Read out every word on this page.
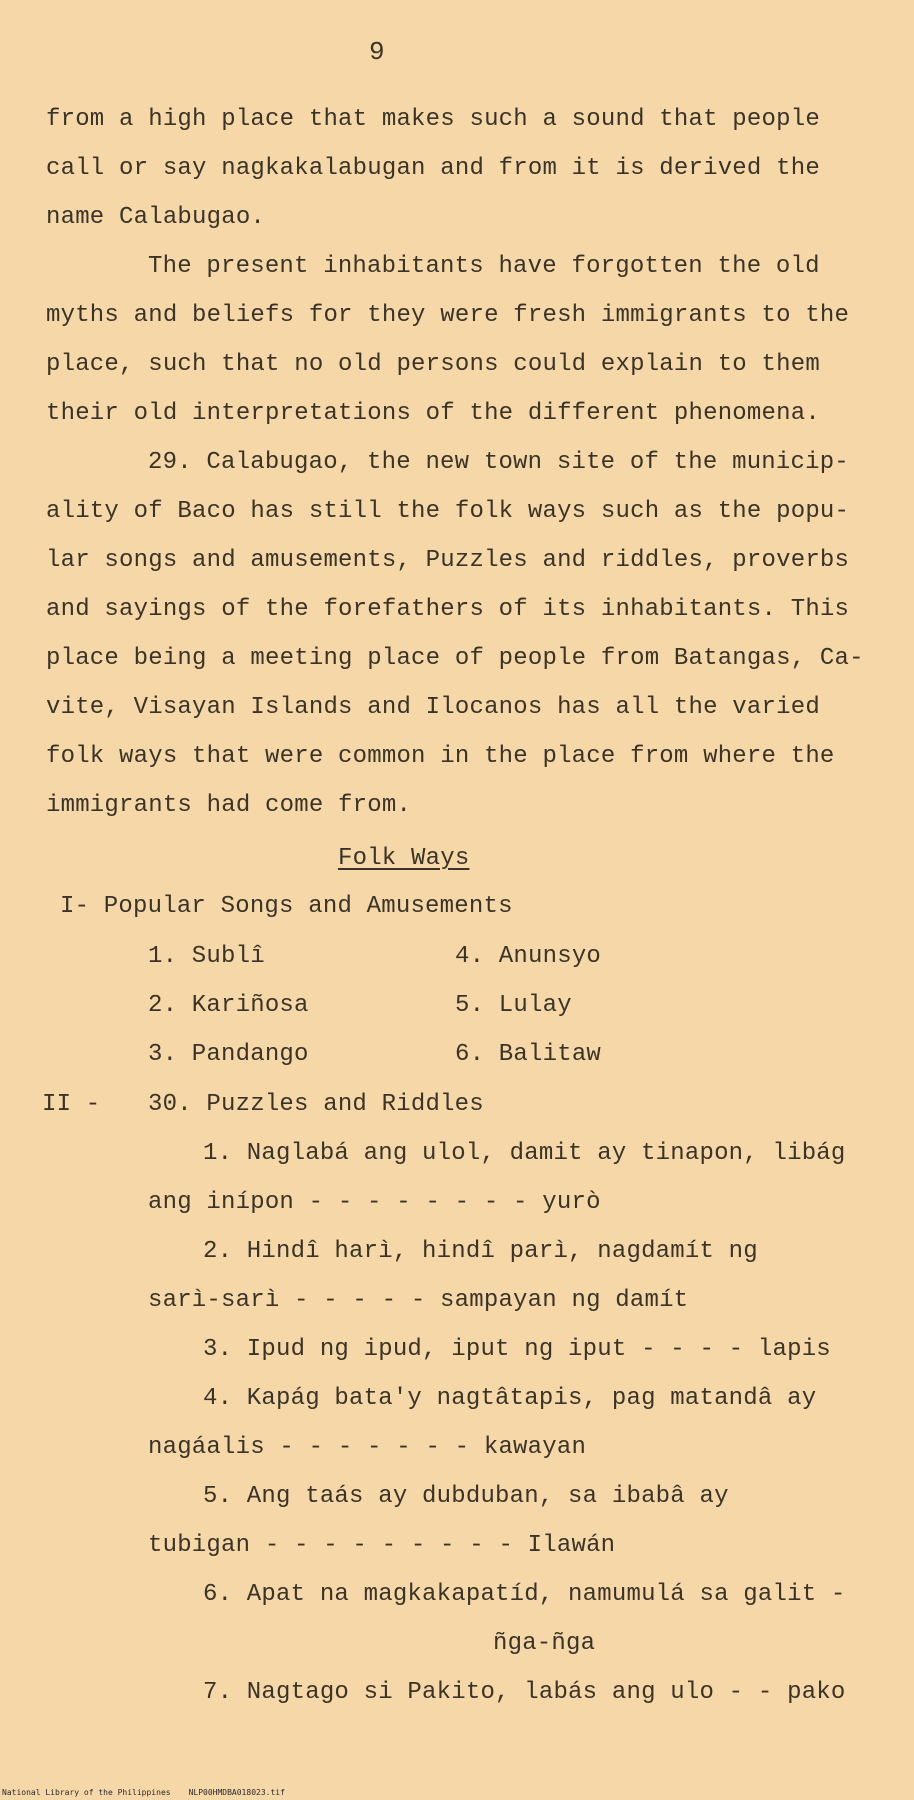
9
from a high place that makes such a sound that people
call or say nagkakalabugan and from it is derived the
name Calabugao.
The present inhabitants have forgotten the old
myths and beliefs for they were fresh immigrants to the
place, such that no old persons could explain to them
their old interpretations of the different phenomena.
29. Calabugao, the new town site of the municip-
ality of Baco has still the folk ways such as the popu-
lar songs and amusements, Puzzles and riddles, proverbs
and sayings of the forefathers of its inhabitants. This
place being a meeting place of people from Batangas, Ca-
vite, Visayan Islands and Ilocanos has all the varied
folk ways that were common in the place from where the
immigrants had come from.
Folk Ways
I- Popular Songs and Amusements
1. Sublî	4. Anunsyo
2. Kariñosa	5. Lulay
3. Pandango	6. Balitaw
II - 30. Puzzles and Riddles
1. Naglabá ang ulol, damit ay tinapon, libág
ang inípon - - - - - - - - yurò
2. Hindî harì, hindî parì, nagdamít ng
sarì-sarì - - - - - sampayan ng damít
3. Ipud ng ipud, iput ng iput - - - - lapis
4. Kapág bata'y nagtâtapis, pag matandâ ay
nagáalis - - - - - - - kawayan
5. Ang taás ay dubduban, sa ibabâ ay
tubigan - - - - - - - - - Ilawán
6. Apat na magkakapatíd, namumulá sa galit -
ñga-ñga
7. Nagtago si Pakito, labás ang ulo - - pako
National Library of the Philippines NLP00HMDBA018023.tif
